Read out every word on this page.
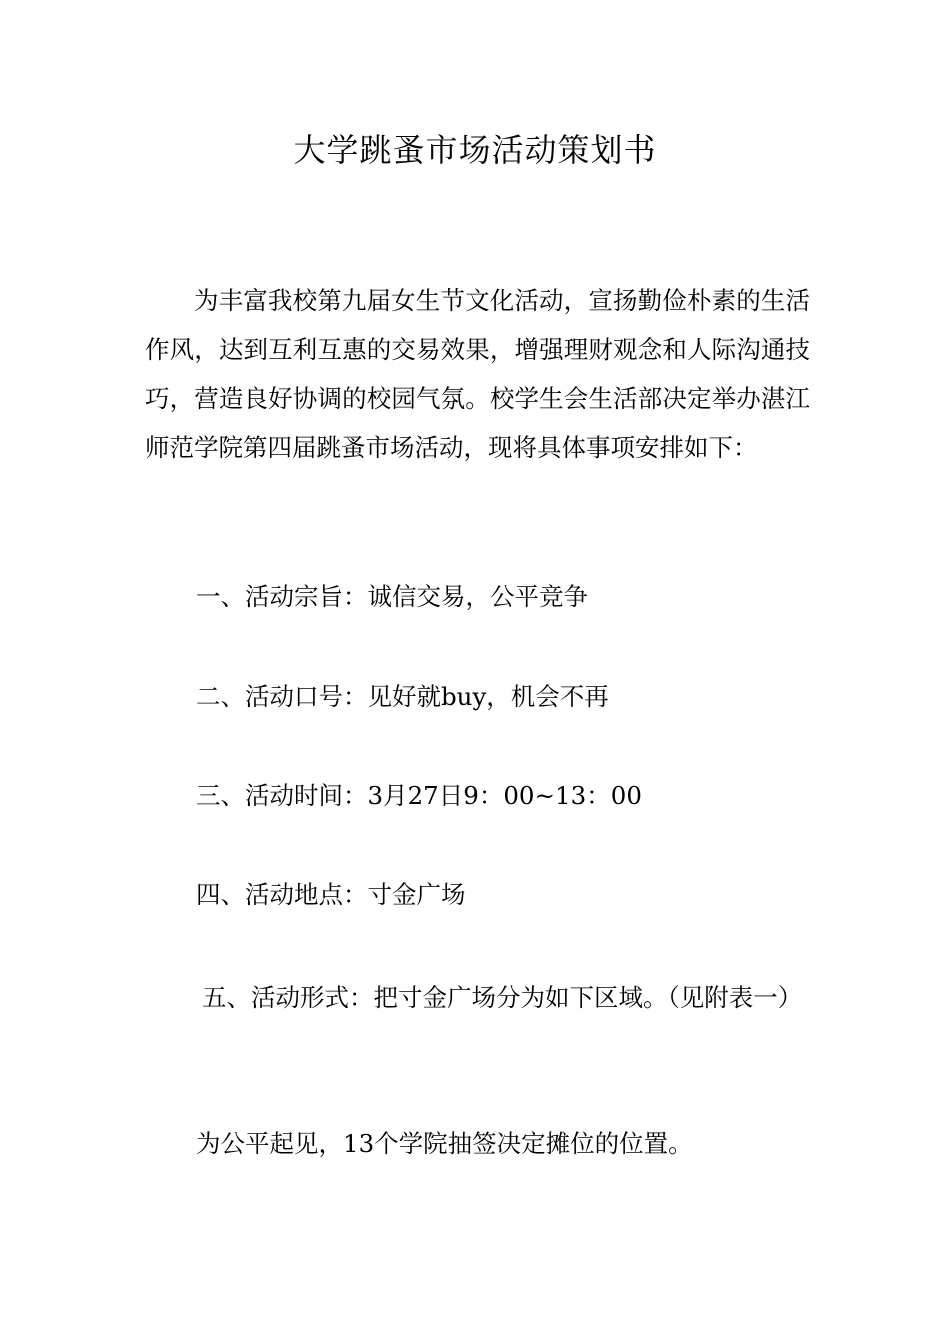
大学跳蚤市场活动策划书

为丰富我校第九届女生节文化活动，宣扬勤俭朴素的生活作风，达到互利互惠的交易效果，增强理财观念和人际沟通技巧，营造良好协调的校园气氛。校学生会生活部决定举办湛江师范学院第四届跳蚤市场活动，现将具体事项安排如下：

一、活动宗旨：诚信交易，公平竞争
二、活动口号：见好就buy，机会不再
三、活动时间：3月27日9：00~13：00
四、活动地点：寸金广场

五、活动形式：把寸金广场分为如下区域。（见附表一）

为公平起见，13个学院抽签决定摊位的位置。
